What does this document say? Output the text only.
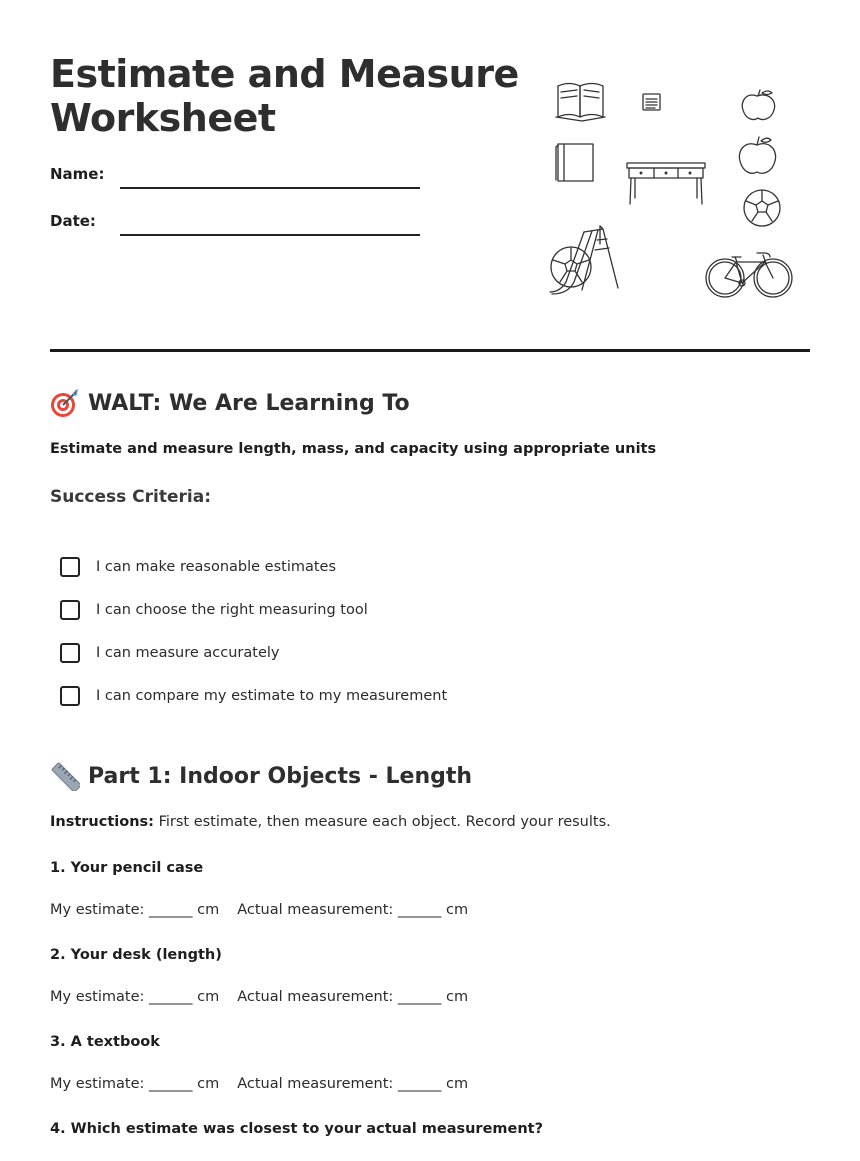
Estimate and Measure Worksheet
Name:
Date:
WALT: We Are Learning To
Estimate and measure length, mass, and capacity using appropriate units
Success Criteria:
I can make reasonable estimates
I can choose the right measuring tool
I can measure accurately
I can compare my estimate to my measurement
Part 1: Indoor Objects - Length
Instructions: First estimate, then measure each object. Record your results.
1. Your pencil case
My estimate: ______ cm Actual measurement: ______ cm
2. Your desk (length)
My estimate: ______ cm Actual measurement: ______ cm
3. A textbook
My estimate: ______ cm Actual measurement: ______ cm
4. Which estimate was closest to your actual measurement?
